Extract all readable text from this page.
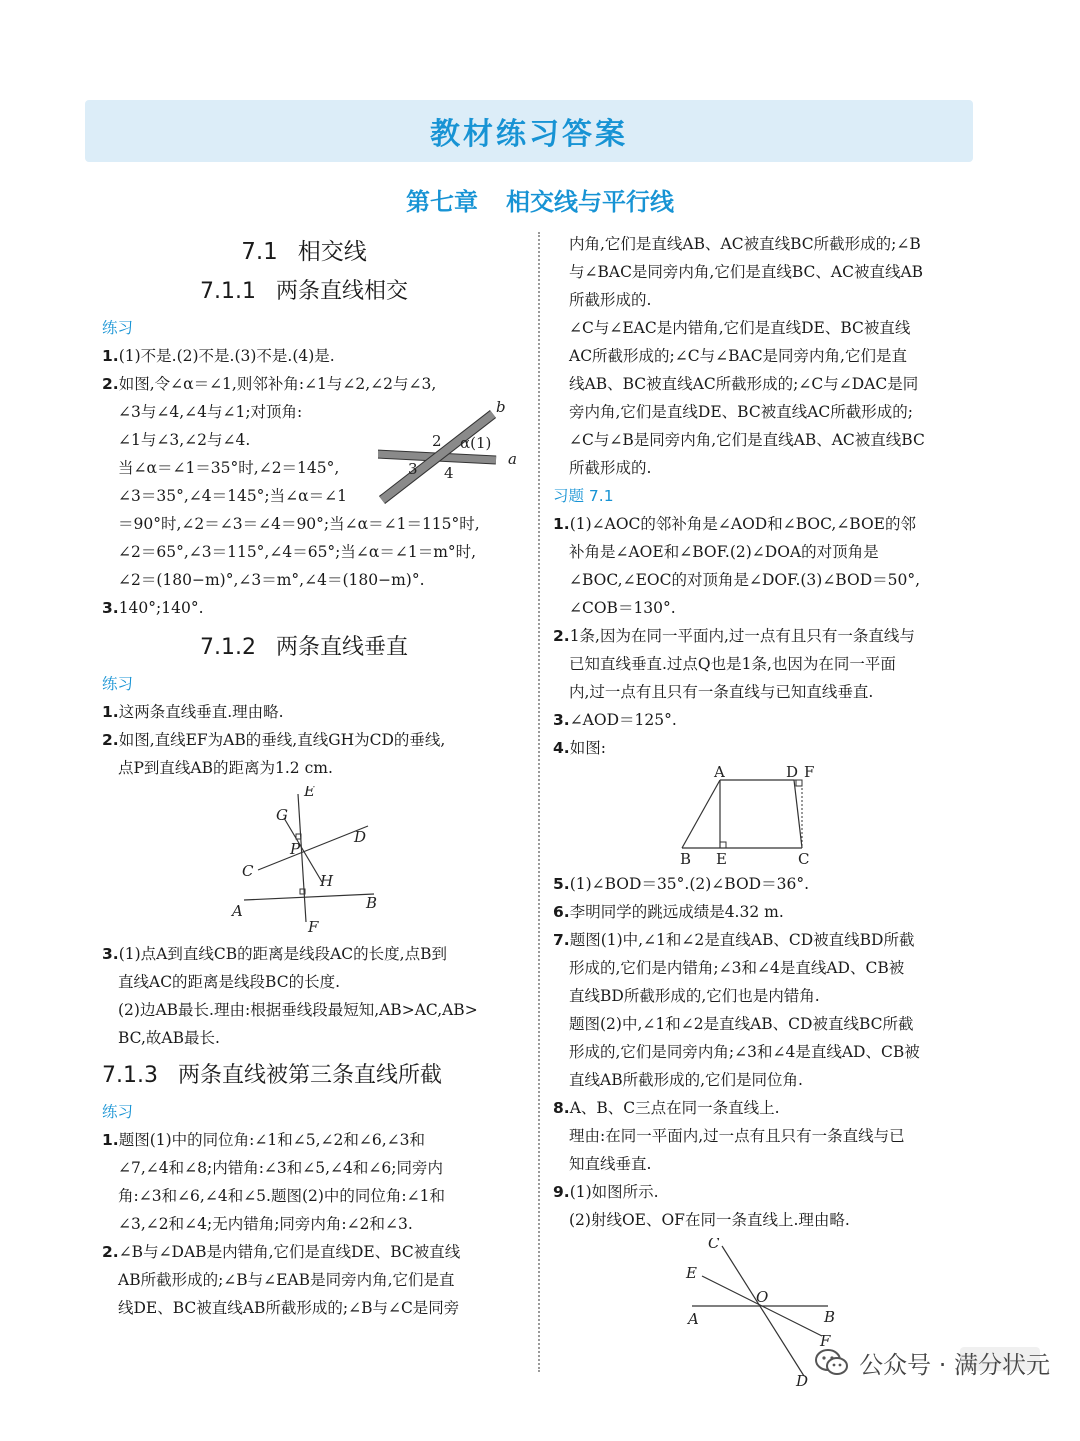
教材练习答案
第七章 相交线与平行线
7.1 相交线
7.1.1 两条直线相交
练习
1.(1)不是.(2)不是.(3)不是.(4)是.
2.如图,令∠α＝∠1,则邻补角:∠1与∠2,∠2与∠3,
b
a
α(1)
2
3 4
∠3与∠4,∠4与∠1;对顶角:
∠1与∠3,∠2与∠4.
当∠α＝∠1＝35°时,∠2＝145°,
∠3＝35°,∠4＝145°;当∠α＝∠1
＝90°时,∠2＝∠3＝∠4＝90°;当∠α＝∠1＝115°时,
∠2＝65°,∠3＝115°,∠4＝65°;当∠α＝∠1＝m°时,
∠2＝(180−m)°,∠3＝m°,∠4＝(180−m)°.
3.140°;140°.
7.1.2 两条直线垂直
练习
1.这两条直线垂直.理由略.
2.如图,直线EF为AB的垂线,直线GH为CD的垂线,
点P到直线AB的距离为1.2 cm.
E
G
D
P
C
H
B
A
F
3.(1)点A到直线CB的距离是线段AC的长度,点B到
直线AC的距离是线段BC的长度.
(2)边AB最长.理由:根据垂线段最短知,AB>AC,AB>
BC,故AB最长.
7.1.3 两条直线被第三条直线所截
练习
1.题图(1)中的同位角:∠1和∠5,∠2和∠6,∠3和
∠7,∠4和∠8;内错角:∠3和∠5,∠4和∠6;同旁内
角:∠3和∠6,∠4和∠5.题图(2)中的同位角:∠1和
∠3,∠2和∠4;无内错角;同旁内角:∠2和∠3.
2.∠B与∠DAB是内错角,它们是直线DE、BC被直线
AB所截形成的;∠B与∠EAB是同旁内角,它们是直
线DE、BC被直线AB所截形成的;∠B与∠C是同旁
内角,它们是直线AB、AC被直线BC所截形成的;∠B
与∠BAC是同旁内角,它们是直线BC、AC被直线AB
所截形成的.
∠C与∠EAC是内错角,它们是直线DE、BC被直线
AC所截形成的;∠C与∠BAC是同旁内角,它们是直
线AB、BC被直线AC所截形成的;∠C与∠DAC是同
旁内角,它们是直线DE、BC被直线AC所截形成的;
∠C与∠B是同旁内角,它们是直线AB、AC被直线BC
所截形成的.
习题 7.1
1.(1)∠AOC的邻补角是∠AOD和∠BOC,∠BOE的邻
补角是∠AOE和∠BOF.(2)∠DOA的对顶角是
∠BOC,∠EOC的对顶角是∠DOF.(3)∠BOD＝50°,
∠COB＝130°.
2.1条,因为在同一平面内,过一点有且只有一条直线与
已知直线垂直.过点Q也是1条,也因为在同一平面
内,过一点有且只有一条直线与已知直线垂直.
3.∠AOD＝125°.
4.如图:
A	D F
B E	C
5.(1)∠BOD＝35°.(2)∠BOD＝36°.
6.李明同学的跳远成绩是4.32 m.
7.题图(1)中,∠1和∠2是直线AB、CD被直线BD所截
形成的,它们是内错角;∠3和∠4是直线AD、CB被
直线BD所截形成的,它们也是内错角.
题图(2)中,∠1和∠2是直线AB、CD被直线BC所截
形成的,它们是同旁内角;∠3和∠4是直线AD、CB被
直线AB所截形成的,它们是同位角.
8.A、B、C三点在同一条直线上.
理由:在同一平面内,过一点有且只有一条直线与已
知直线垂直.
9.(1)如图所示.
(2)射线OE、OF在同一条直线上.理由略.
C
E
O
A	B
F
D
公众号 · 满分状元
